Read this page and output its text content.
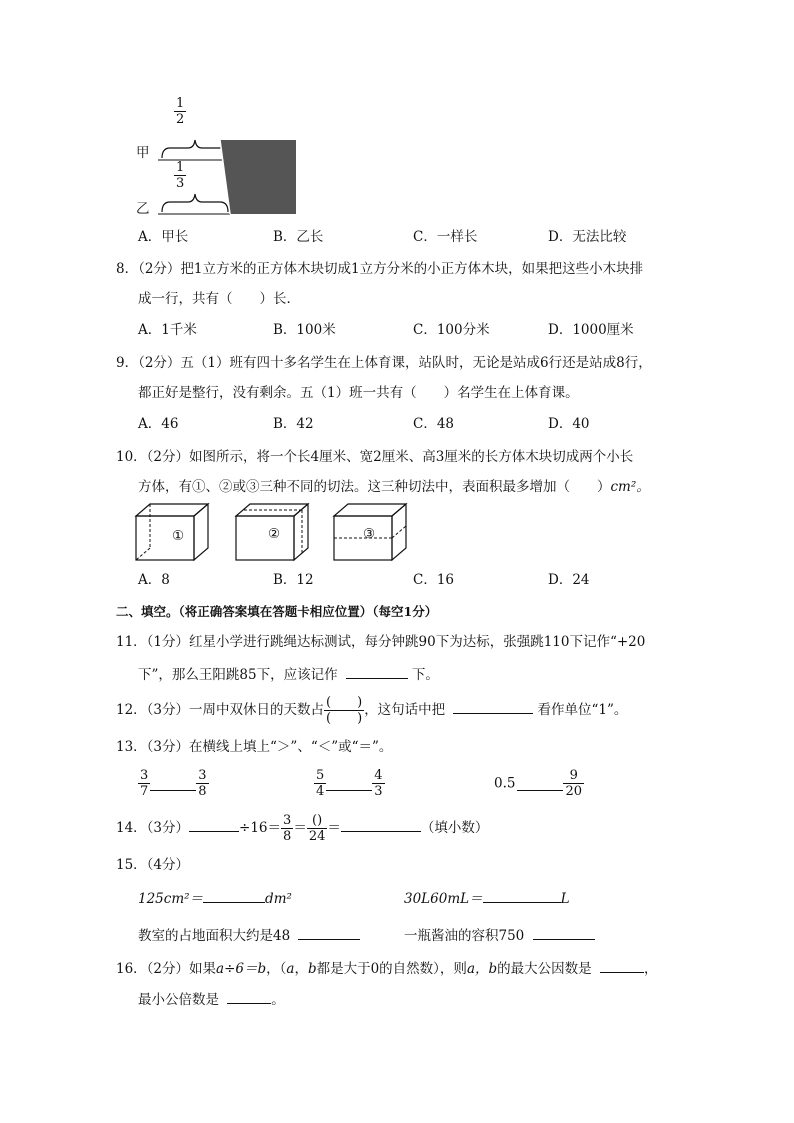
$\frac{1}{2}$
甲
$\frac{1}{3}$
乙
A．甲长	B．乙长	C．一样长	D．无法比较
8．（2分）把1立方米的正方体木块切成1立方分米的小正方体木块，如果把这些小木块排
成一行，共有（　　）长．
A．1千米	B．100米	C．100分米	D．1000厘米
9．（2分）五（1）班有四十多名学生在上体育课，站队时，无论是站成6行还是站成8行，
都正好是整行，没有剩余。五（1）班一共有（　　）名学生在上体育课。
A．46	B．42	C．48	D．40
10．（2分）如图所示，将一个长4厘米、宽2厘米、高3厘米的长方体木块切成两个小长
方体，有①、②或③三种不同的切法。这三种切法中，表面积最多增加（　　）cm²。
①	②	③
A．8	B．12	C．16	D．24
二、填空。（将正确答案填在答题卡相应位置）（每空1分）
11．（1分）红星小学进行跳绳达标测试，每分钟跳90下为达标，张强跳110下记作“+20
下”，那么王阳跳85下，应该记作	下。
12．（3分）一周中双休日的天数占 $\frac{( )}{( )}$ ，这句话中把	看作单位“1”。
13．（3分）在横线上填上“＞”、“＜”或“＝”。
$\frac{3}{7}$	$\frac{3}{8}$	$\frac{5}{4}$	$\frac{4}{3}$	0.5	$\frac{9}{20}$
14．（3分）	$\div 16= \frac{3}{8} = \frac{()}{24}$ ＝	（填小数）
15．（4分）
125cm²＝	dm²	30L60mL＝	L
教室的占地面积大约是48	一瓶酱油的容积750
16．（2分）如果a÷6＝b，（a，b都是大于0的自然数），则a，b的最大公因数是	，
最小公倍数是	。
